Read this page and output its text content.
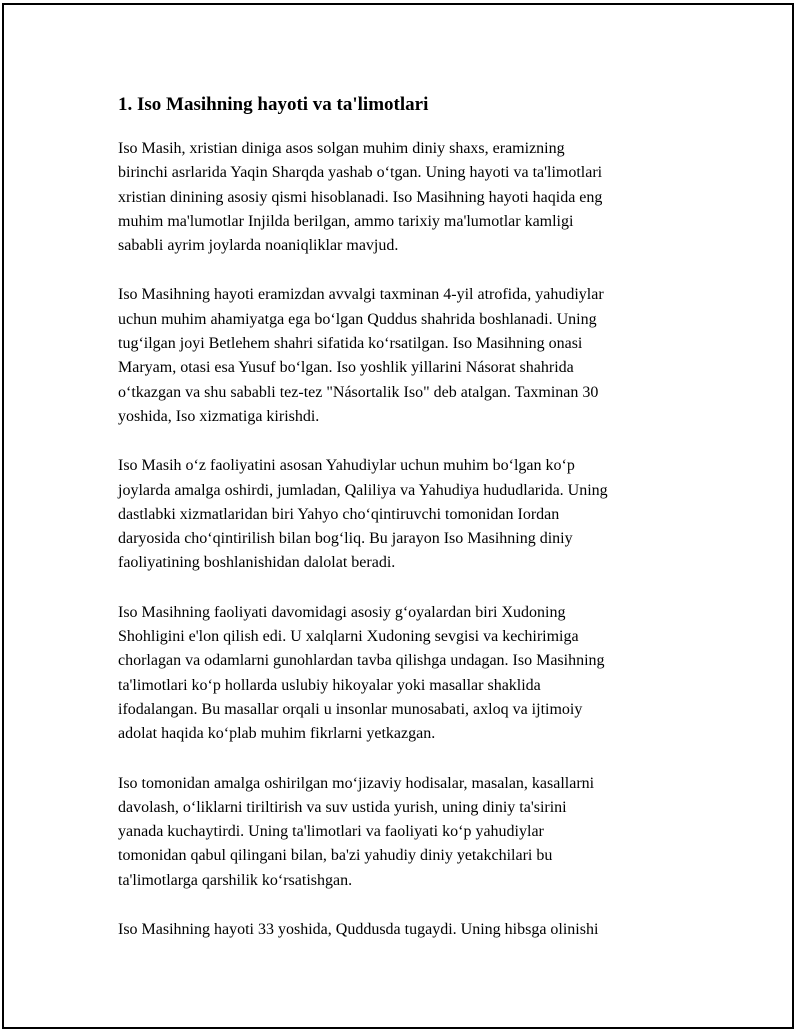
1. Iso Masihning hayoti va ta'limotlari

Iso Masih, xristian diniga asos solgan muhim diniy shaxs, eramizning
birinchi asrlarida Yaqin Sharqda yashab oʻtgan. Uning hayoti va ta'limotlari
xristian dinining asosiy qismi hisoblanadi. Iso Masihning hayoti haqida eng
muhim ma'lumotlar Injilda berilgan, ammo tarixiy ma'lumotlar kamligi
sababli ayrim joylarda noaniqliklar mavjud.

Iso Masihning hayoti eramizdan avvalgi taxminan 4-yil atrofida, yahudiylar
uchun muhim ahamiyatga ega boʻlgan Quddus shahrida boshlanadi. Uning
tugʻilgan joyi Betlehem shahri sifatida koʻrsatilgan. Iso Masihning onasi
Maryam, otasi esa Yusuf boʻlgan. Iso yoshlik yillarini Násorat shahrida
oʻtkazgan va shu sababli tez-tez "Násortalik Iso" deb atalgan. Taxminan 30
yoshida, Iso xizmatiga kirishdi.

Iso Masih oʻz faoliyatini asosan Yahudiylar uchun muhim boʻlgan koʻp
joylarda amalga oshirdi, jumladan, Qaliliya va Yahudiya hududlarida. Uning
dastlabki xizmatlaridan biri Yahyo choʻqintiruvchi tomonidan Iordan
daryosida choʻqintirilish bilan bogʻliq. Bu jarayon Iso Masihning diniy
faoliyatining boshlanishidan dalolat beradi.

Iso Masihning faoliyati davomidagi asosiy gʻoyalardan biri Xudoning
Shohligini e'lon qilish edi. U xalqlarni Xudoning sevgisi va kechirimiga
chorlagan va odamlarni gunohlardan tavba qilishga undagan. Iso Masihning
ta'limotlari koʻp hollarda uslubiy hikoyalar yoki masallar shaklida
ifodalangan. Bu masallar orqali u insonlar munosabati, axloq va ijtimoiy
adolat haqida koʻplab muhim fikrlarni yetkazgan.

Iso tomonidan amalga oshirilgan moʻjizaviy hodisalar, masalan, kasallarni
davolash, oʻliklarni tiriltirish va suv ustida yurish, uning diniy ta'sirini
yanada kuchaytirdi. Uning ta'limotlari va faoliyati koʻp yahudiylar
tomonidan qabul qilingani bilan, ba'zi yahudiy diniy yetakchilari bu
ta'limotlarga qarshilik koʻrsatishgan.

Iso Masihning hayoti 33 yoshida, Quddusda tugaydi. Uning hibsga olinishi
